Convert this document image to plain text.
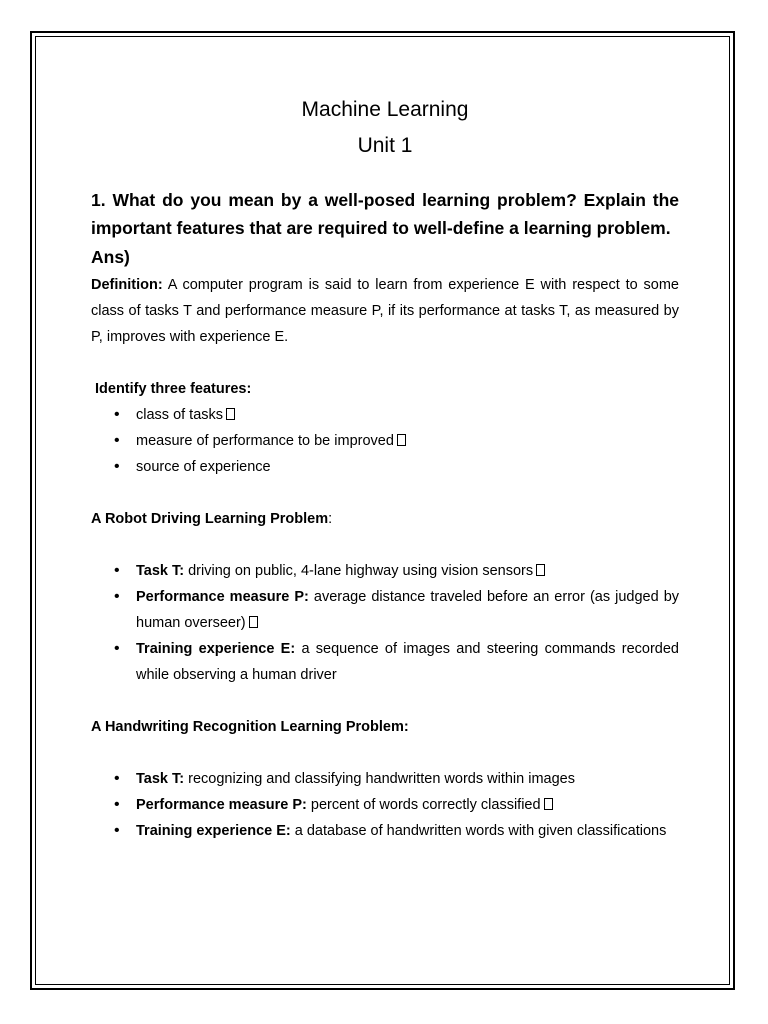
Machine Learning

Unit 1

1. What do you mean by a well-posed learning problem? Explain the important features that are required to well-define a learning problem.

Ans)

Definition: A computer program is said to learn from experience E with respect to some class of tasks T and performance measure P, if its performance at tasks T, as measured by P, improves with experience E.

Identify three features:

• class of tasks
• measure of performance to be improved
• source of experience

A Robot Driving Learning Problem:

• Task T: driving on public, 4-lane highway using vision sensors
• Performance measure P: average distance traveled before an error (as judged by human overseer)
• Training experience E: a sequence of images and steering commands recorded while observing a human driver

A Handwriting Recognition Learning Problem:

• Task T: recognizing and classifying handwritten words within images
• Performance measure P: percent of words correctly classified
• Training experience E: a database of handwritten words with given classifications
